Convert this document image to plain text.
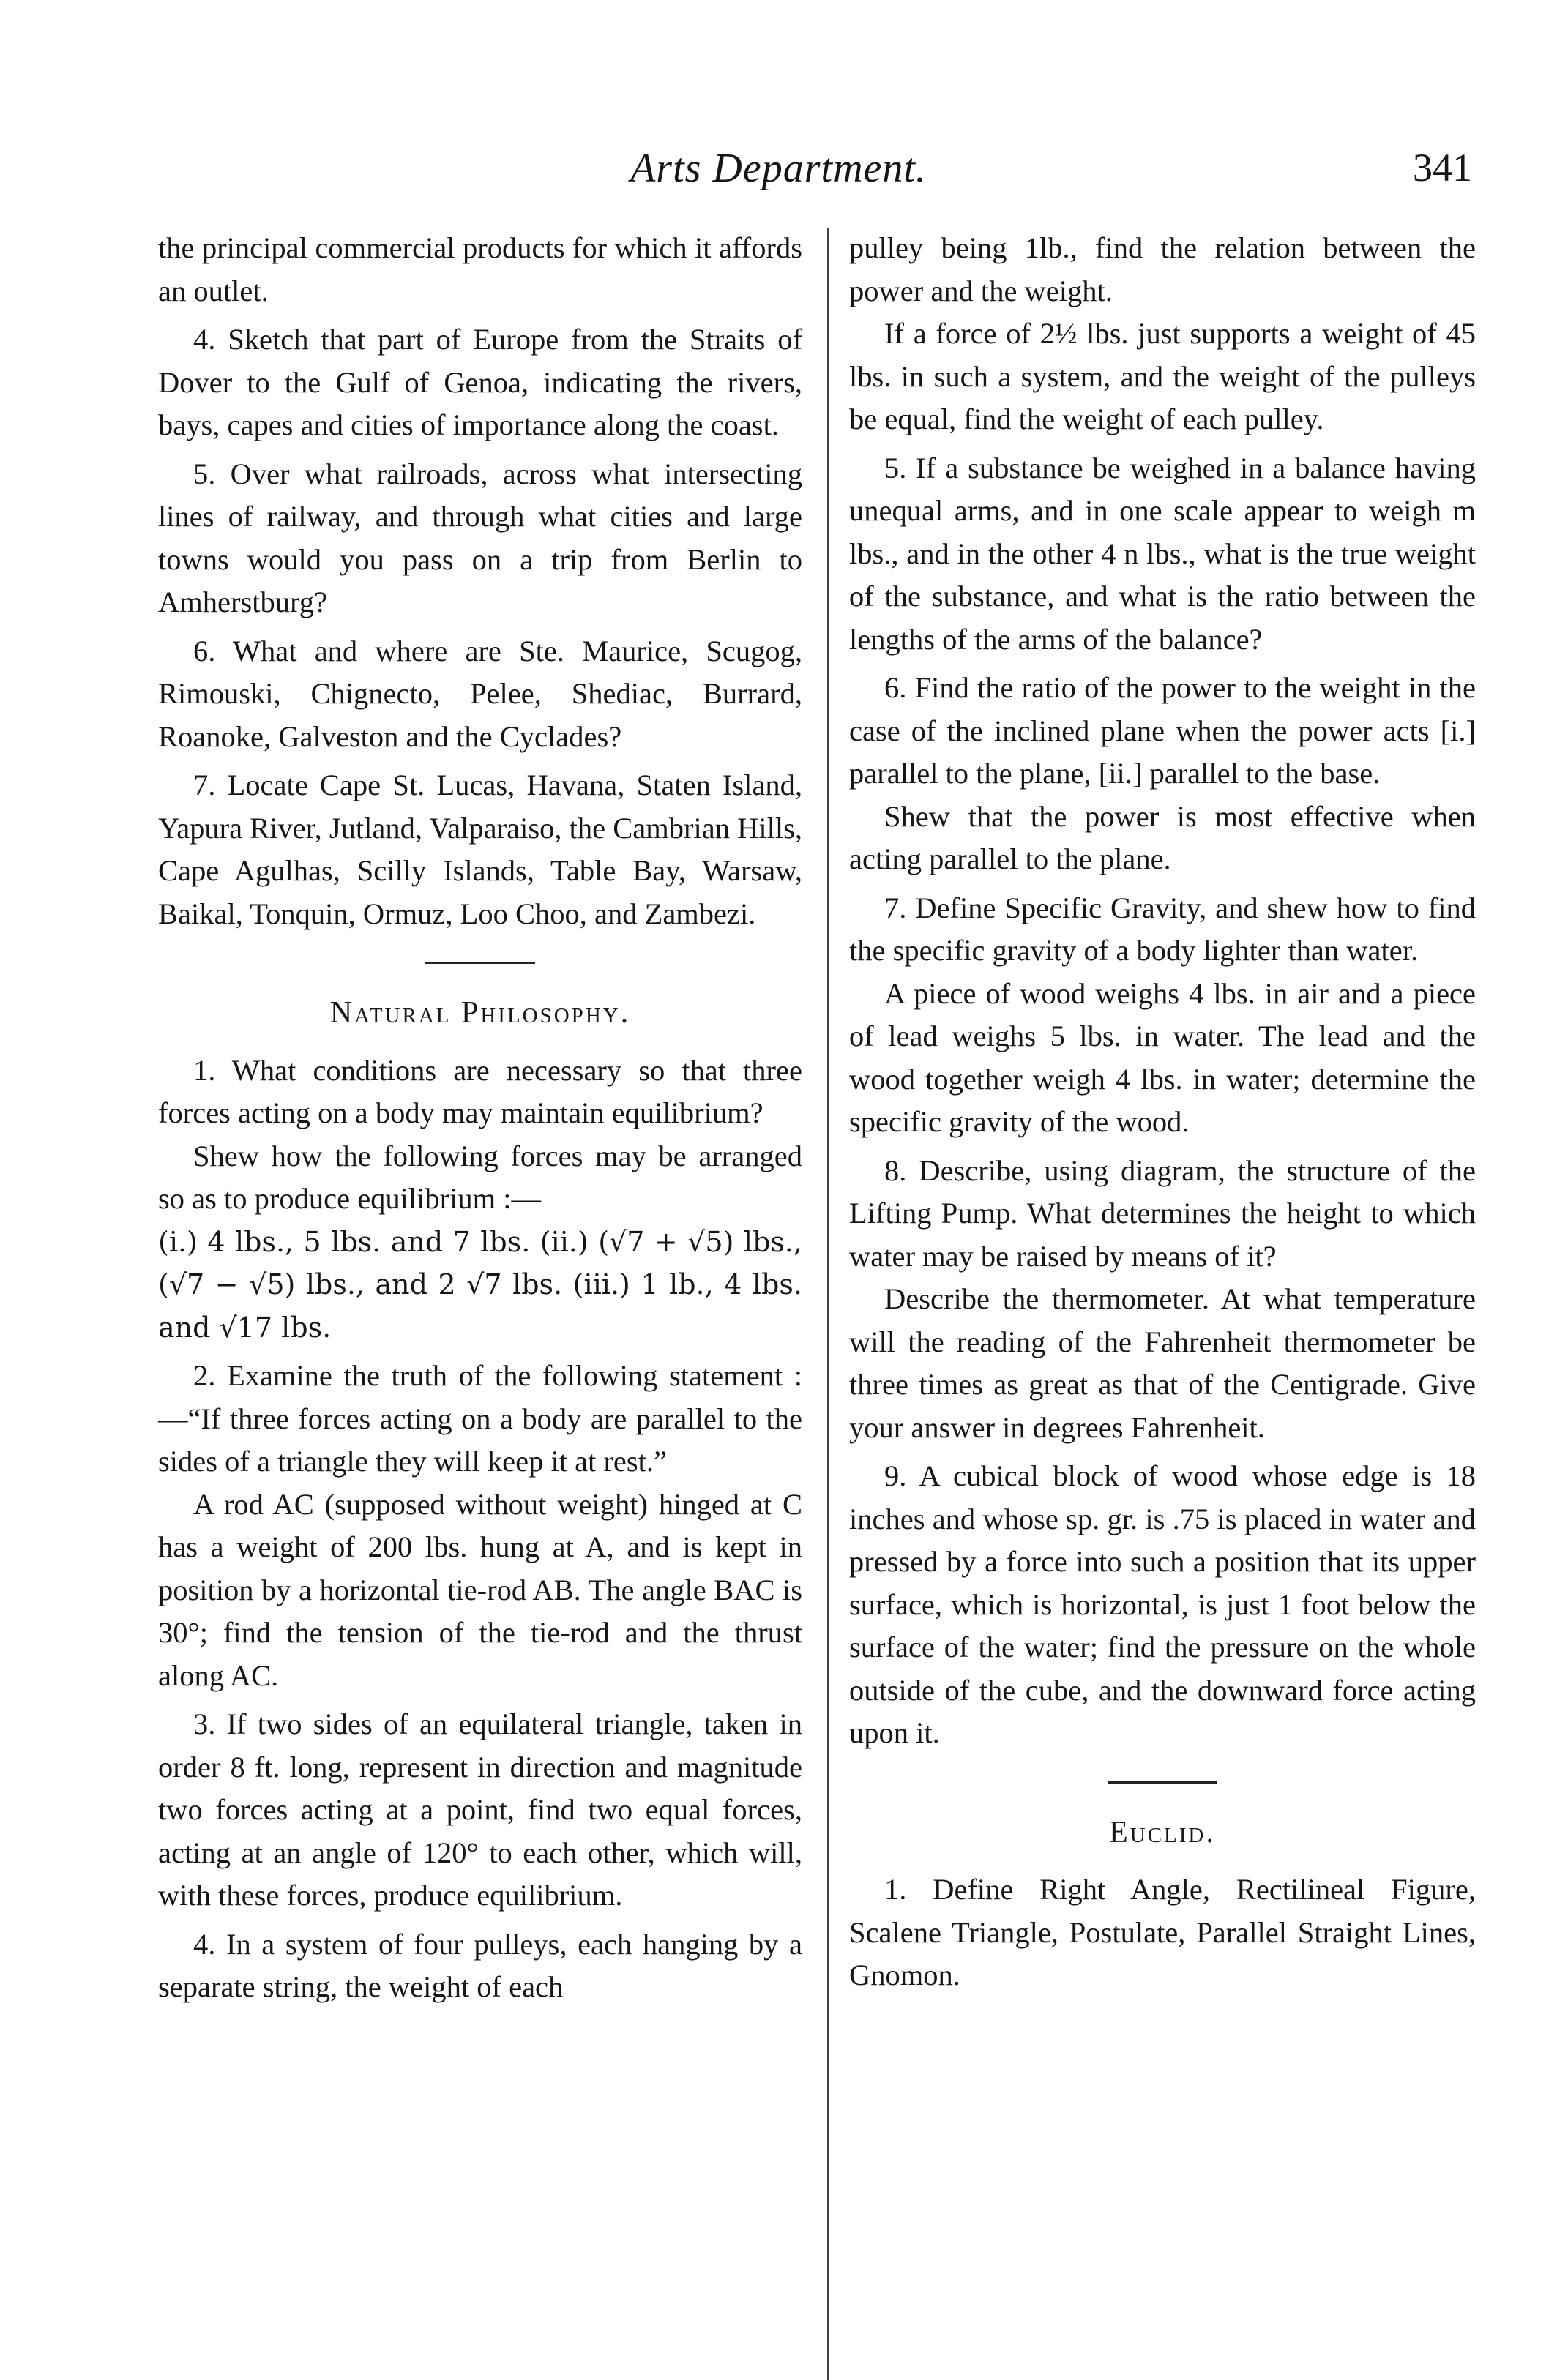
Arts Department.	341

the principal commercial products for which it affords an outlet.

4. Sketch that part of Europe from the Straits of Dover to the Gulf of Genoa, indicating the rivers, bays, capes and cities of importance along the coast.

5. Over what railroads, across what intersecting lines of railway, and through what cities and large towns would you pass on a trip from Berlin to Amherstburg?

6. What and where are Ste. Maurice, Scugog, Rimouski, Chignecto, Pelee, Shediac, Burrard, Roanoke, Galveston and the Cyclades?

7. Locate Cape St. Lucas, Havana, Staten Island, Yapura River, Jutland, Valparaiso, the Cambrian Hills, Cape Agulhas, Scilly Islands, Table Bay, Warsaw, Baikal, Tonquin, Ormuz, Loo Choo, and Zambezi.

Natural Philosophy.

1. What conditions are necessary so that three forces acting on a body may maintain equilibrium?

Shew how the following forces may be arranged so as to produce equilibrium :—

(i.) 4 lbs., 5 lbs. and 7 lbs. (ii.) (√7 + √5) lbs., (√7 − √5) lbs., and 2 √7 lbs. (iii.) 1 lb., 4 lbs. and √17 lbs.

2. Examine the truth of the following statement :—“If three forces acting on a body are parallel to the sides of a triangle they will keep it at rest.”

A rod AC (supposed without weight) hinged at C has a weight of 200 lbs. hung at A, and is kept in position by a horizontal tie-rod AB. The angle BAC is 30°; find the tension of the tie-rod and the thrust along AC.

3. If two sides of an equilateral triangle, taken in order 8 ft. long, represent in direction and magnitude two forces acting at a point, find two equal forces, acting at an angle of 120° to each other, which will, with these forces, produce equilibrium.

4. In a system of four pulleys, each hanging by a separate string, the weight of each

pulley being 1lb., find the relation between the power and the weight.

If a force of 2½ lbs. just supports a weight of 45 lbs. in such a system, and the weight of the pulleys be equal, find the weight of each pulley.

5. If a substance be weighed in a balance having unequal arms, and in one scale appear to weigh m lbs., and in the other 4 n lbs., what is the true weight of the substance, and what is the ratio between the lengths of the arms of the balance?

6. Find the ratio of the power to the weight in the case of the inclined plane when the power acts [i.] parallel to the plane, [ii.] parallel to the base.

Shew that the power is most effective when acting parallel to the plane.

7. Define Specific Gravity, and shew how to find the specific gravity of a body lighter than water.

A piece of wood weighs 4 lbs. in air and a piece of lead weighs 5 lbs. in water. The lead and the wood together weigh 4 lbs. in water; determine the specific gravity of the wood.

8. Describe, using diagram, the structure of the Lifting Pump. What determines the height to which water may be raised by means of it?

Describe the thermometer. At what temperature will the reading of the Fahrenheit thermometer be three times as great as that of the Centigrade. Give your answer in degrees Fahrenheit.

9. A cubical block of wood whose edge is 18 inches and whose sp. gr. is .75 is placed in water and pressed by a force into such a position that its upper surface, which is horizontal, is just 1 foot below the surface of the water; find the pressure on the whole outside of the cube, and the downward force acting upon it.

Euclid.

1. Define Right Angle, Rectilineal Figure, Scalene Triangle, Postulate, Parallel Straight Lines, Gnomon.
